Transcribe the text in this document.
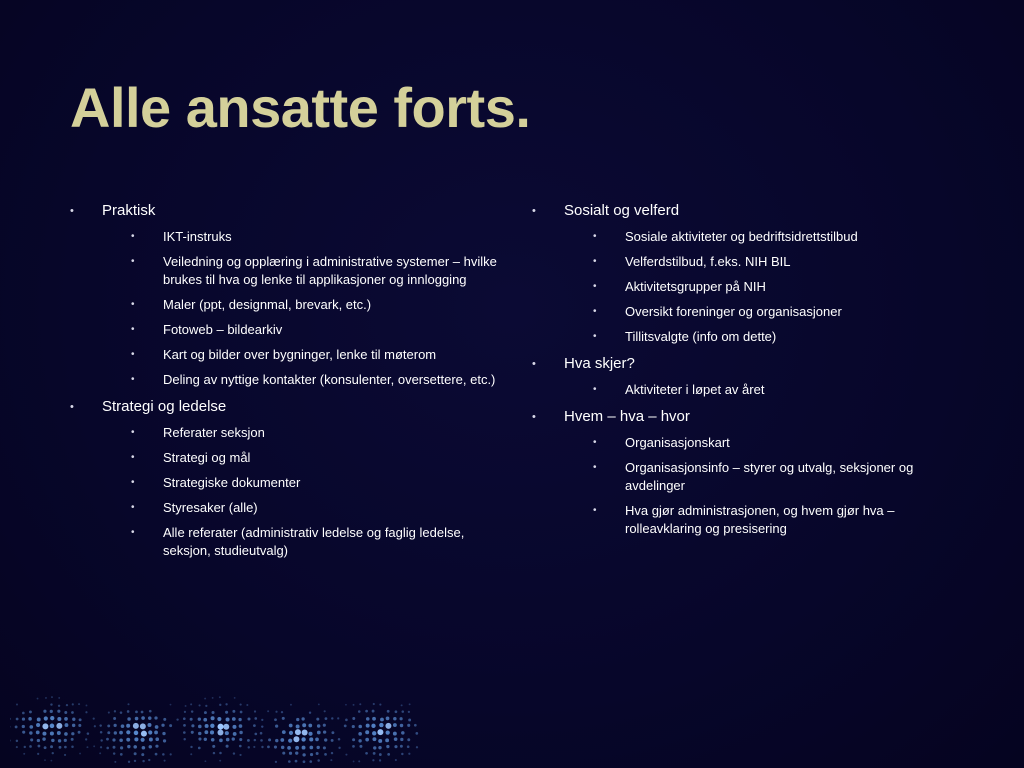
Alle ansatte forts.
• Praktisk
• IKT-instruks
• Veiledning og opplæring i administrative systemer – hvilke brukes til hva og lenke til applikasjoner og innlogging
• Maler (ppt, designmal, brevark, etc.)
• Fotoweb – bildearkiv
• Kart og bilder over bygninger, lenke til møterom
• Deling av nyttige kontakter (konsulenter, oversettere, etc.)
• Strategi og ledelse
• Referater seksjon
• Strategi og mål
• Strategiske dokumenter
• Styresaker (alle)
• Alle referater (administrativ ledelse og faglig ledelse, seksjon, studieutvalg)
• Sosialt og velferd
• Sosiale aktiviteter og bedriftsidrettstilbud
• Velferdstilbud, f.eks. NIH BIL
• Aktivitetsgrupper på NIH
• Oversikt foreninger og organisasjoner
• Tillitsvalgte (info om dette)
• Hva skjer?
• Aktiviteter i løpet av året
• Hvem – hva – hvor
• Organisasjonskart
• Organisasjonsinfo – styrer og utvalg, seksjoner og avdelinger
• Hva gjør administrasjonen, og hvem gjør hva – rolleavklaring og presisering
